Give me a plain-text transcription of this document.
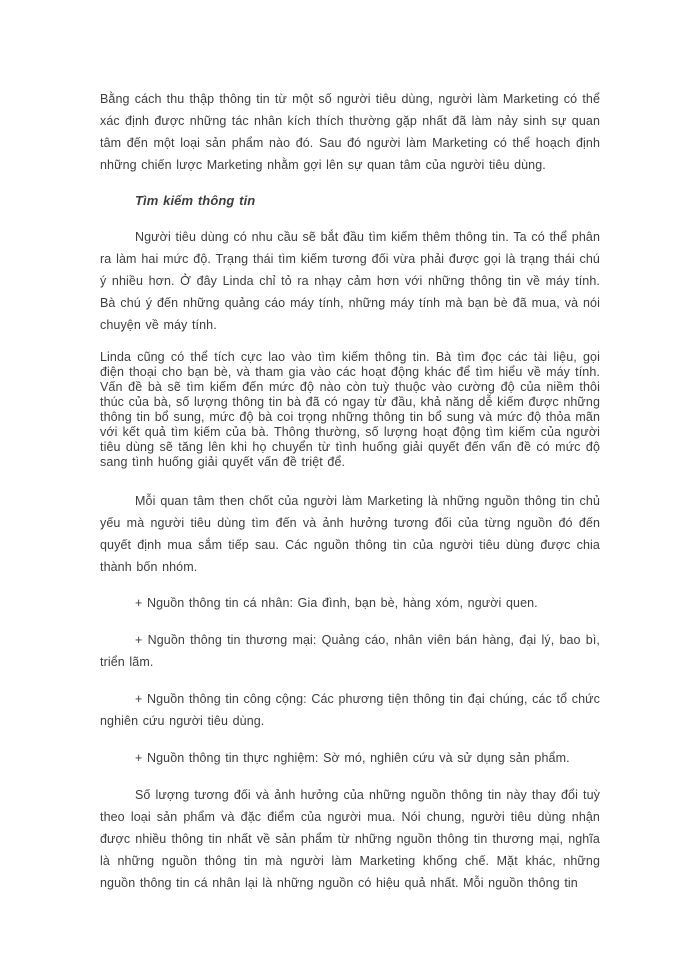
Bằng cách thu thập thông tin từ một số người tiêu dùng, người làm Marketing có thể xác định được những tác nhân kích thích thường gặp nhất đã làm nảy sinh sự quan tâm đến một loại sản phẩm nào đó. Sau đó người làm Marketing có thể hoạch định những chiến lược Marketing nhằm gợi lên sự quan tâm của người tiêu dùng.

Tìm kiếm thông tin

Người tiêu dùng có nhu cầu sẽ bắt đầu tìm kiếm thêm thông tin. Ta có thể phân ra làm hai mức độ. Trạng thái tìm kiếm tương đối vừa phải được gọi là trạng thái chú ý nhiều hơn. Ở đây Linda chỉ tỏ ra nhạy cảm hơn với những thông tin về máy tính. Bà chú ý đến những quảng cáo máy tính, những máy tính mà bạn bè đã mua, và nói chuyện về máy tính.

Linda cũng có thể tích cực lao vào tìm kiếm thông tin. Bà tìm đọc các tài liệu, gọi điện thoại cho bạn bè, và tham gia vào các hoạt động khác để tìm hiểu về máy tính. Vấn đề bà sẽ tìm kiếm đến mức độ nào còn tuỳ thuộc vào cường độ của niềm thôi thúc của bà, số lượng thông tin bà đã có ngay từ đầu, khả năng dễ kiếm được những thông tin bổ sung, mức độ bà coi trọng những thông tin bổ sung và mức độ thỏa mãn với kết quả tìm kiếm của bà. Thông thường, số lượng hoạt động tìm kiếm của người tiêu dùng sẽ tăng lên khi họ chuyển từ tình huống giải quyết đến vấn đề có mức độ sang tình huống giải quyết vấn đề triệt để.

Mỗi quan tâm then chốt của người làm Marketing là những nguồn thông tin chủ yếu mà người tiêu dùng tìm đến và ảnh hưởng tương đối của từng nguồn đó đến quyết định mua sắm tiếp sau. Các nguồn thông tin của người tiêu dùng được chia thành bốn nhóm.

+ Nguồn thông tin cá nhân: Gia đình, bạn bè, hàng xóm, người quen.

+ Nguồn thông tin thương mại: Quảng cáo, nhân viên bán hàng, đại lý, bao bì, triển lãm.

+ Nguồn thông tin công cộng: Các phương tiện thông tin đại chúng, các tổ chức nghiên cứu người tiêu dùng.

+ Nguồn thông tin thực nghiệm: Sờ mó, nghiên cứu và sử dụng sản phẩm.

Số lượng tương đối và ảnh hưởng của những nguồn thông tin này thay đổi tuỳ theo loại sản phẩm và đặc điểm của người mua. Nói chung, người tiêu dùng nhận được nhiều thông tin nhất về sản phẩm từ những nguồn thông tin thương mại, nghĩa là những nguồn thông tin mà người làm Marketing khống chế. Mặt khác, những nguồn thông tin cá nhân lại là những nguồn có hiệu quả nhất. Mỗi nguồn thông tin
